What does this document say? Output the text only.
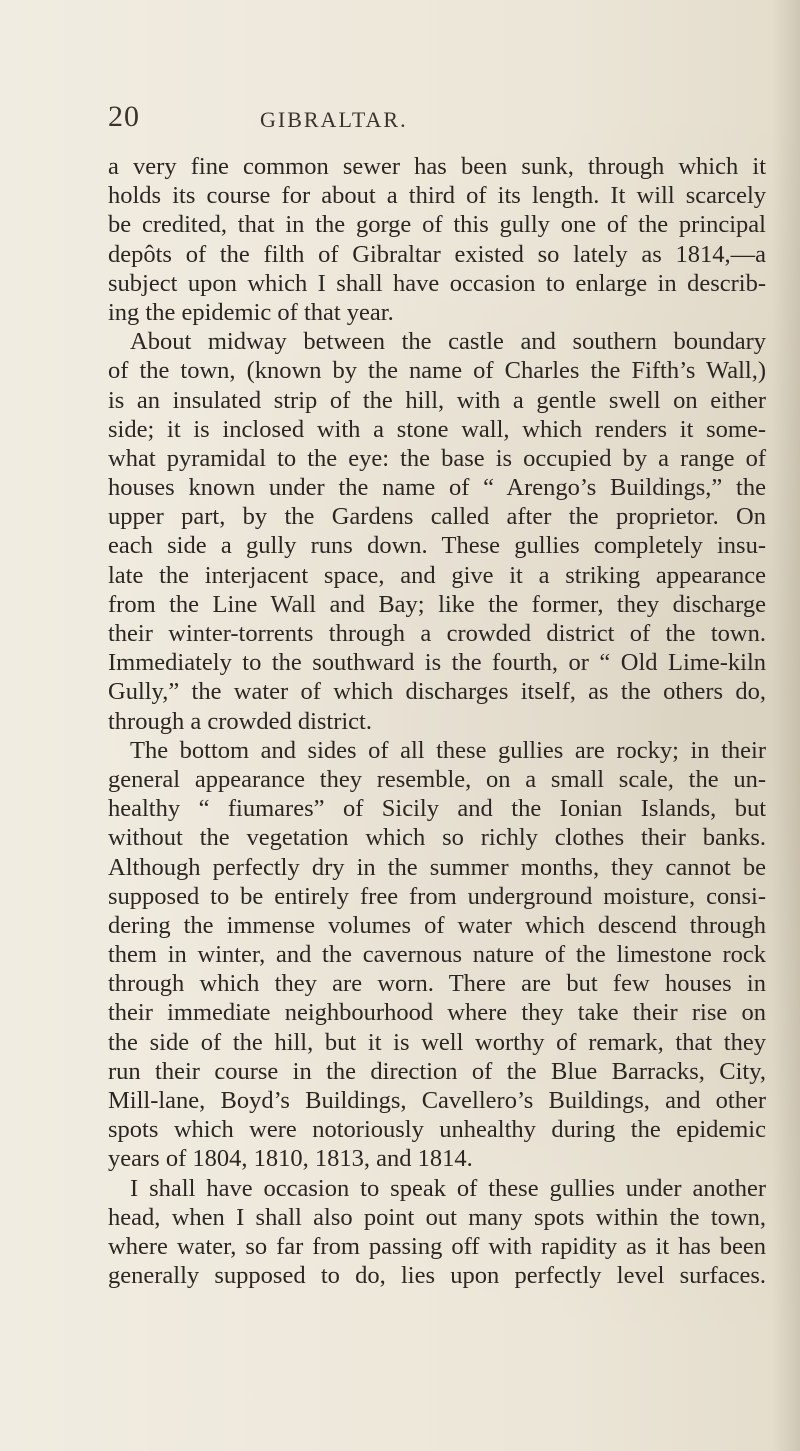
20	GIBRALTAR.
a very fine common sewer has been sunk, through which it
holds its course for about a third of its length. It will scarcely
be credited, that in the gorge of this gully one of the principal
depôts of the filth of Gibraltar existed so lately as 1814,—a
subject upon which I shall have occasion to enlarge in describ-
ing the epidemic of that year.
About midway between the castle and southern boundary
of the town, (known by the name of Charles the Fifth’s Wall,)
is an insulated strip of the hill, with a gentle swell on either
side; it is inclosed with a stone wall, which renders it some-
what pyramidal to the eye: the base is occupied by a range of
houses known under the name of “ Arengo’s Buildings,” the
upper part, by the Gardens called after the proprietor. On
each side a gully runs down. These gullies completely insu-
late the interjacent space, and give it a striking appearance
from the Line Wall and Bay; like the former, they discharge
their winter-torrents through a crowded district of the town.
Immediately to the southward is the fourth, or “ Old Lime-kiln
Gully,” the water of which discharges itself, as the others do,
through a crowded district.
The bottom and sides of all these gullies are rocky; in their
general appearance they resemble, on a small scale, the un-
healthy “ fiumares” of Sicily and the Ionian Islands, but
without the vegetation which so richly clothes their banks.
Although perfectly dry in the summer months, they cannot be
supposed to be entirely free from underground moisture, consi-
dering the immense volumes of water which descend through
them in winter, and the cavernous nature of the limestone rock
through which they are worn. There are but few houses in
their immediate neighbourhood where they take their rise on
the side of the hill, but it is well worthy of remark, that they
run their course in the direction of the Blue Barracks, City,
Mill-lane, Boyd’s Buildings, Cavellero’s Buildings, and other
spots which were notoriously unhealthy during the epidemic
years of 1804, 1810, 1813, and 1814.
I shall have occasion to speak of these gullies under another
head, when I shall also point out many spots within the town,
where water, so far from passing off with rapidity as it has been
generally supposed to do, lies upon perfectly level surfaces.
